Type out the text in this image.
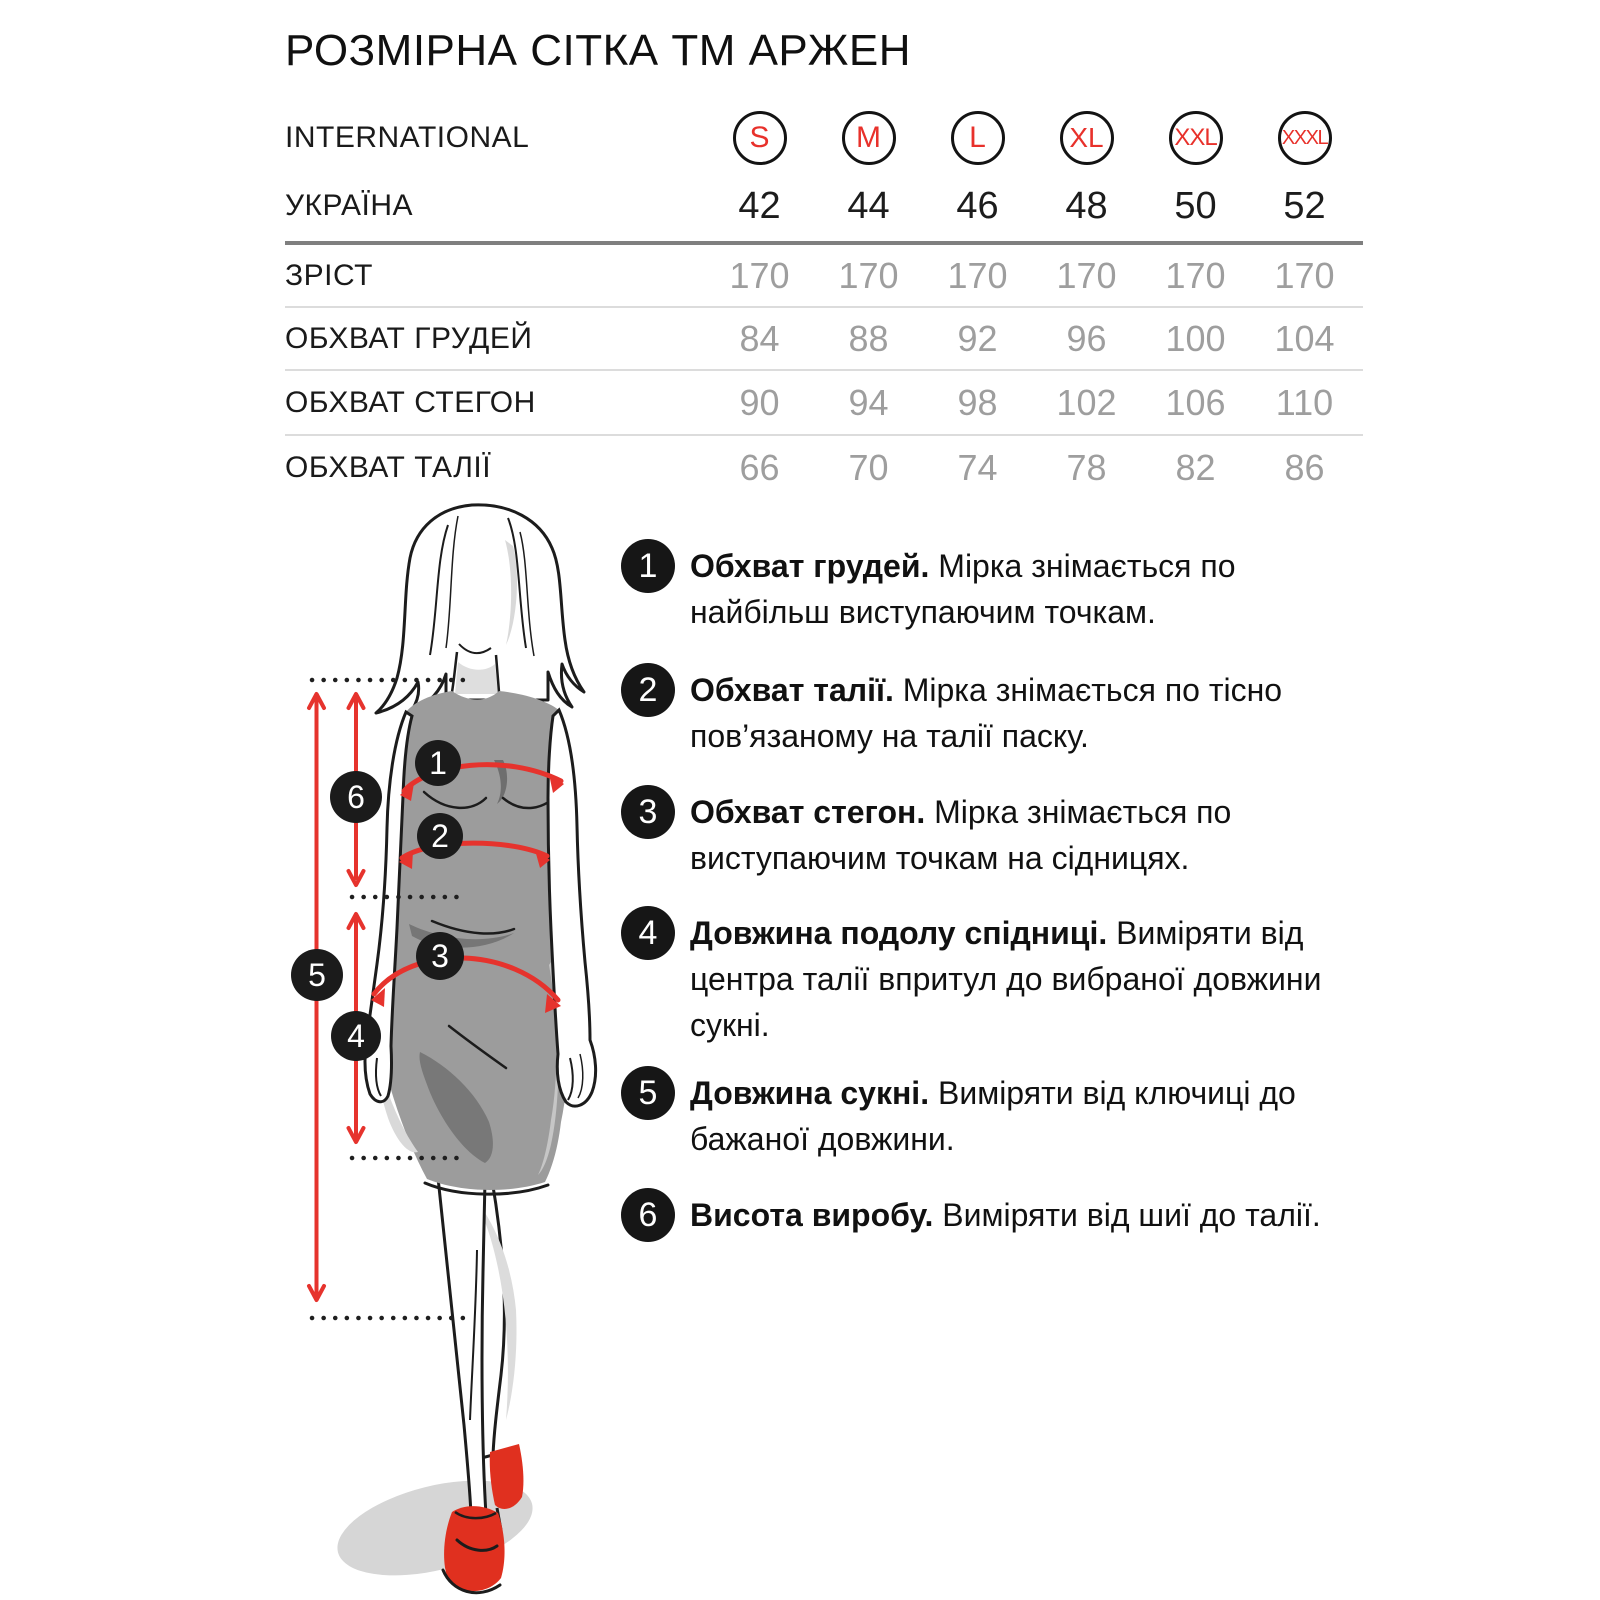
РОЗМІРНА СІТКА ТМ АРЖЕН
INTERNATIONAL	S	M	L	XL	XXL	XXXL
УКРАЇНА	42	44	46	48	50	52
ЗРІСТ	170	170	170	170	170	170
ОБХВАТ ГРУДЕЙ	84	88	92	96	100	104
ОБХВАТ СТЕГОН	90	94	98	102	106	110
ОБХВАТ ТАЛІЇ	66	70	74	78	82	86
1
2
3
4
5
6
1	Обхват грудей. Мірка знімається по найбільш виступаючим точкам.
2	Обхват талії. Мірка знімається по тісно пов’язаному на талії паску.
3	Обхват стегон. Мірка знімається по виступаючим точкам на сідницях.
4	Довжина подолу спідниці. Виміряти від центра талії впритул до вибраної довжини сукні.
5	Довжина сукні. Виміряти від ключиці до бажаної довжини.
6	Висота виробу. Виміряти від шиї до талії.
